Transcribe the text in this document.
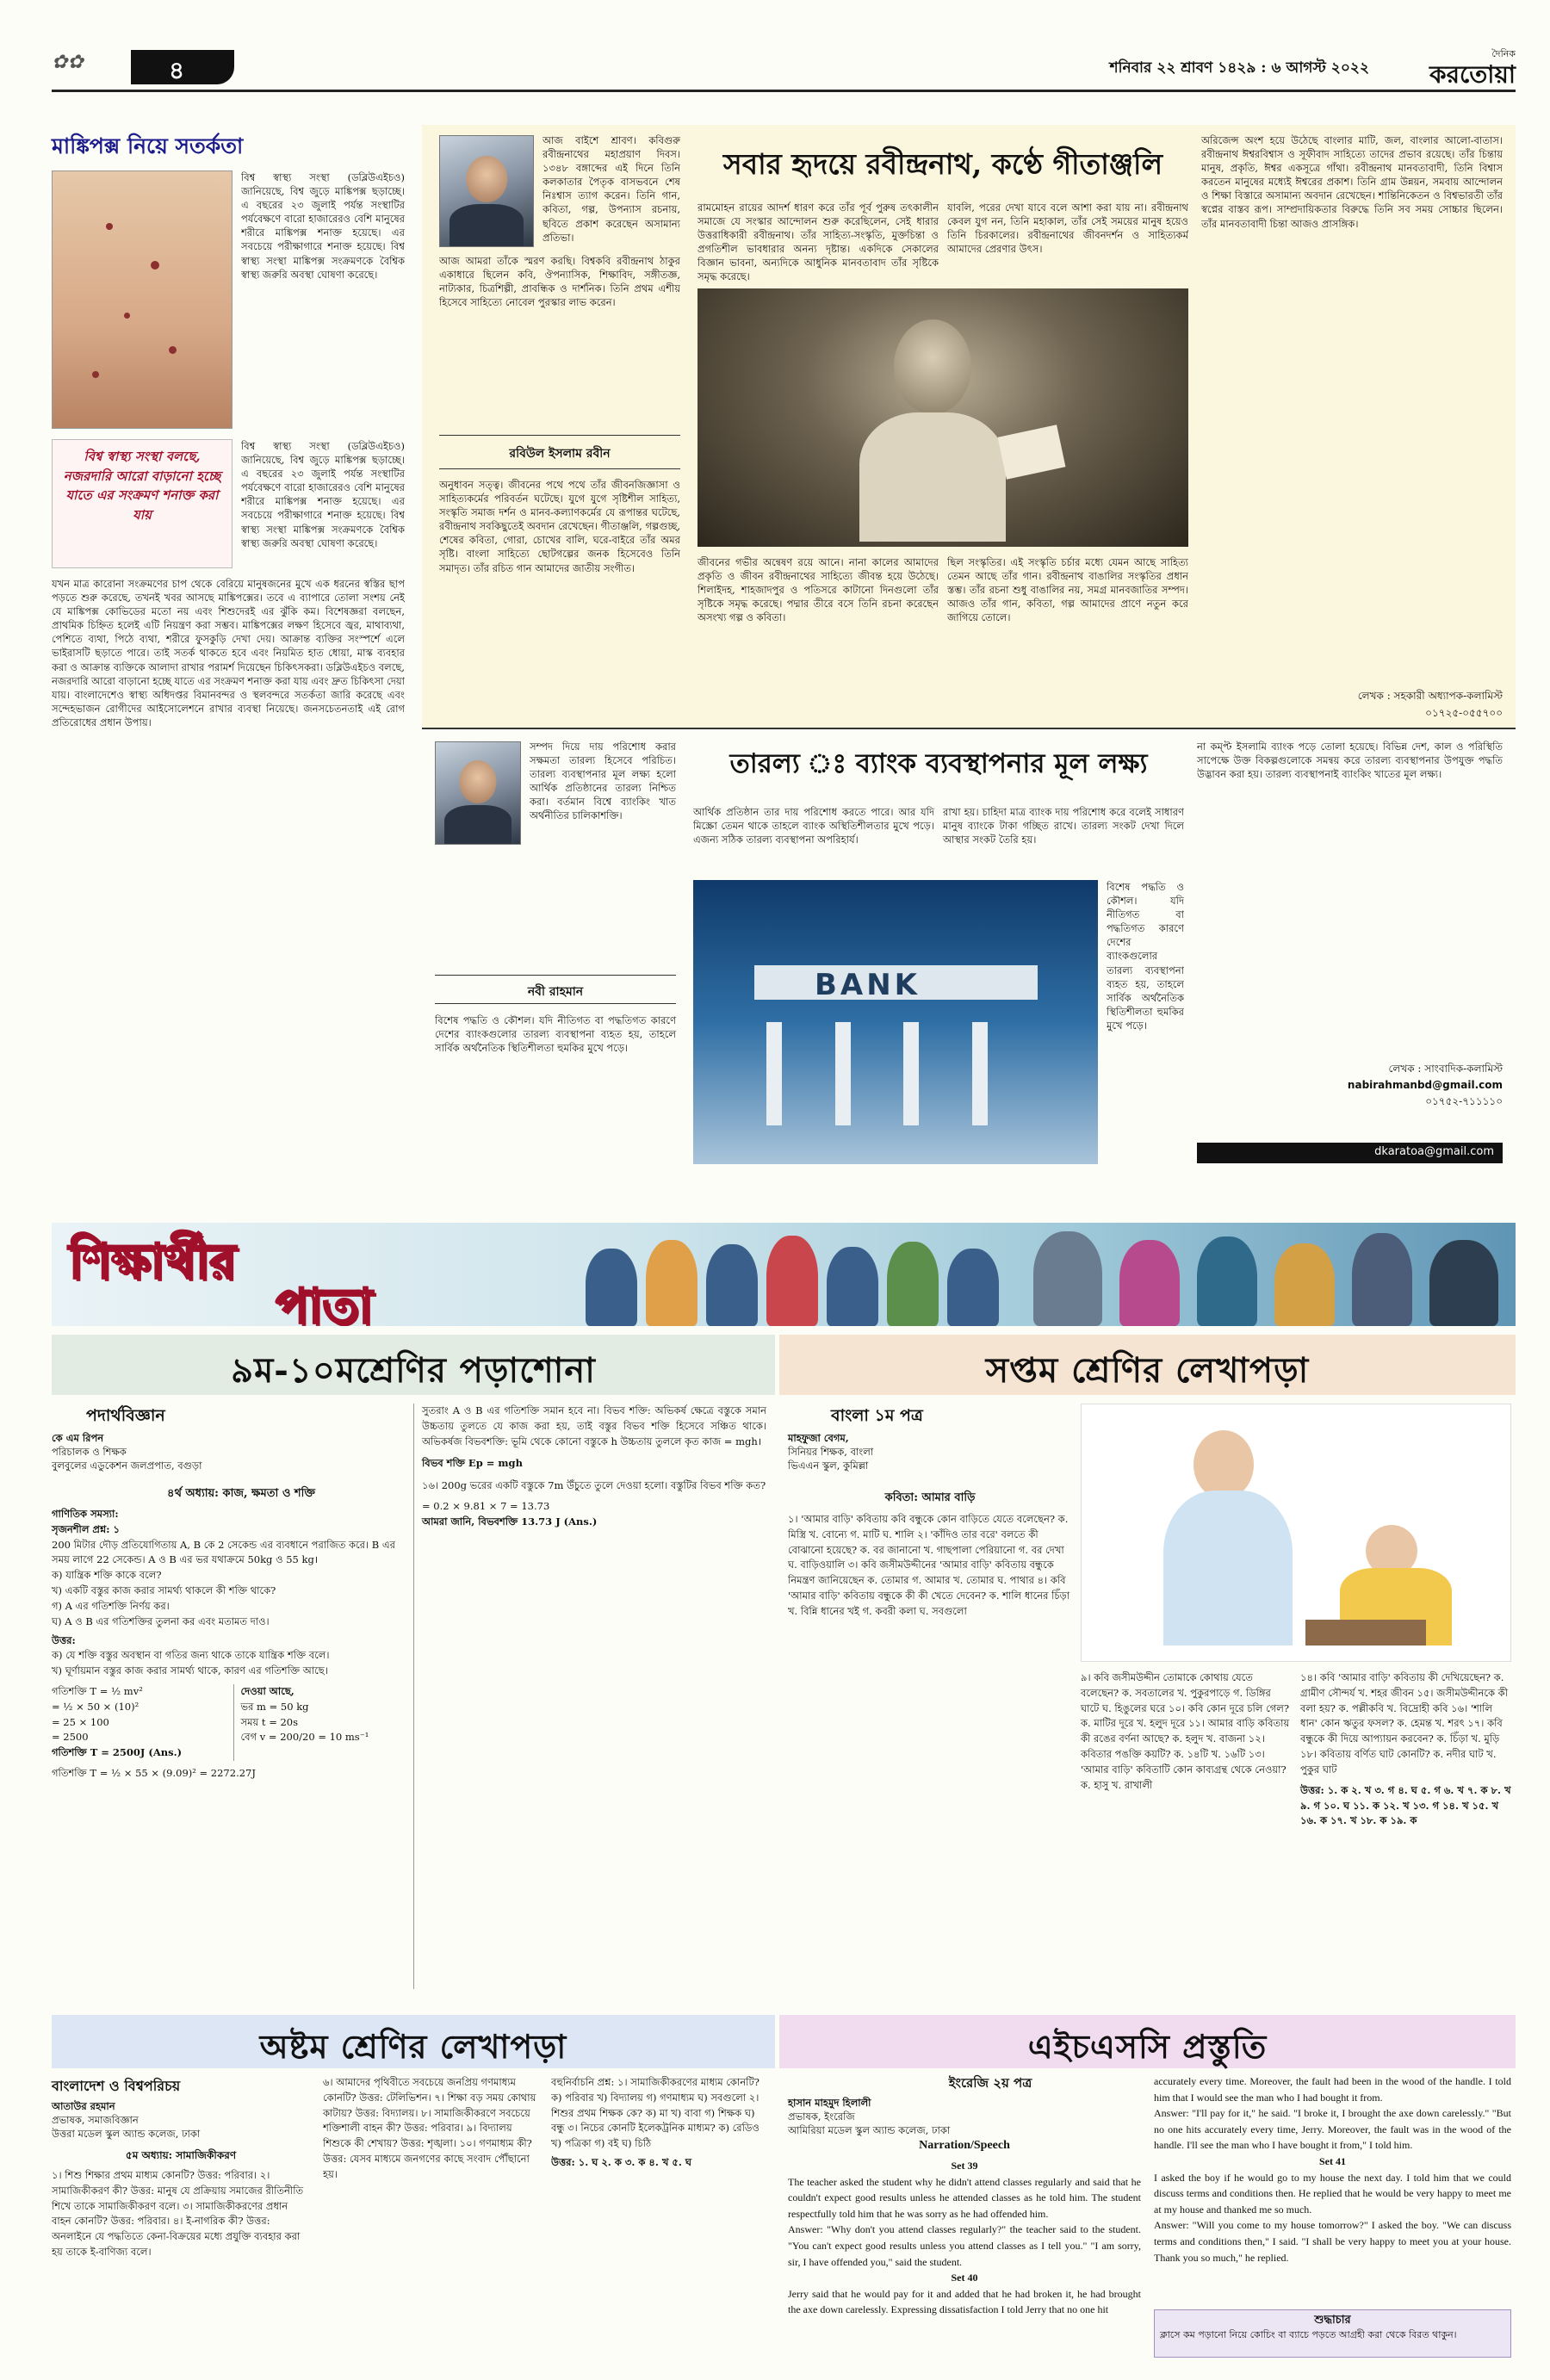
✿✿	৪	শনিবার ২২ শ্রাবণ ১৪২৯ : ৬ আগস্ট ২০২২
দৈনিক
করতোয়া
মাঙ্কিপক্স নিয়ে সতর্কতা
বিশ্ব স্বাস্থ্য সংস্থা (ডব্লিউএইচও) জানিয়েছে, বিশ্ব জুড়ে মাঙ্কিপক্স ছড়াচ্ছে। এ বছরের ২৩ জুলাই পর্যন্ত সংস্থাটির পর্যবেক্ষণে বারো হাজারেরও বেশি মানুষের শরীরে মাঙ্কিপক্স শনাক্ত হয়েছে। এর সবচেয়ে পরীক্ষাগারে শনাক্ত হয়েছে। বিশ্ব স্বাস্থ্য সংস্থা মাঙ্কিপক্স সংক্রমণকে বৈশ্বিক স্বাস্থ্য জরুরি অবস্থা ঘোষণা করেছে।
বিশ্ব স্বাস্থ্য সংস্থা বলছে, নজরদারি আরো বাড়ানো হচ্ছে যাতে এর সংক্রমণ শনাক্ত করা যায়
বিশ্ব স্বাস্থ্য সংস্থা (ডব্লিউএইচও) জানিয়েছে, বিশ্ব জুড়ে মাঙ্কিপক্স ছড়াচ্ছে। এ বছরের ২৩ জুলাই পর্যন্ত সংস্থাটির পর্যবেক্ষণে বারো হাজারেরও বেশি মানুষের শরীরে মাঙ্কিপক্স শনাক্ত হয়েছে। এর সবচেয়ে পরীক্ষাগারে শনাক্ত হয়েছে। বিশ্ব স্বাস্থ্য সংস্থা মাঙ্কিপক্স সংক্রমণকে বৈশ্বিক স্বাস্থ্য জরুরি অবস্থা ঘোষণা করেছে।
যখন মাত্র কারোনা সংক্রমণের চাপ থেকে বেরিয়ে মানুষজনের মুখে এক ধরনের স্বস্তির ছাপ পড়তে শুরু করেছে, তখনই খবর আসছে মাঙ্কিপক্সের। তবে এ ব্যাপারে তোলা সংশয় নেই যে মাঙ্কিপক্স কোভিডের মতো নয় এবং শিশুদেরই এর ঝুঁকি কম। বিশেষজ্ঞরা বলছেন, প্রাথমিক চিহ্নিত হলেই এটি নিয়ন্ত্রণ করা সম্ভব। মাঙ্কিপক্সের লক্ষণ হিসেবে জ্বর, মাথাব্যথা, পেশিতে ব্যথা, পিঠে ব্যথা, শরীরে ফুসকুড়ি দেখা দেয়। আক্রান্ত ব্যক্তির সংস্পর্শে এলে ভাইরাসটি ছড়াতে পারে। তাই সতর্ক থাকতে হবে এবং নিয়মিত হাত ধোয়া, মাস্ক ব্যবহার করা ও আক্রান্ত ব্যক্তিকে আলাদা রাখার পরামর্শ দিয়েছেন চিকিৎসকরা। ডব্লিউএইচও বলছে, নজরদারি আরো বাড়ানো হচ্ছে যাতে এর সংক্রমণ শনাক্ত করা যায় এবং দ্রুত চিকিৎসা দেয়া যায়। বাংলাদেশেও স্বাস্থ্য অধিদপ্তর বিমানবন্দর ও স্থলবন্দরে সতর্কতা জারি করেছে এবং সন্দেহভাজন রোগীদের আইসোলেশনে রাখার ব্যবস্থা নিয়েছে। জনসচেতনতাই এই রোগ প্রতিরোধের প্রধান উপায়।
আজ বাইশে শ্রাবণ। কবিগুরু রবীন্দ্রনাথের মহাপ্রয়াণ দিবস। ১৩৪৮ বঙ্গাব্দের এই দিনে তিনি কলকাতার পৈতৃক বাসভবনে শেষ নিঃশ্বাস ত্যাগ করেন। তিনি গান, কবিতা, গল্প, উপন্যাস রচনায়, ছবিতে প্রকাশ করেছেন অসামান্য প্রতিভা।
আজ আমরা তাঁকে স্মরণ করছি। বিশ্বকবি রবীন্দ্রনাথ ঠাকুর একাধারে ছিলেন কবি, ঔপন্যাসিক, শিক্ষাবিদ, সঙ্গীতজ্ঞ, নাট্যকার, চিত্রশিল্পী, প্রাবন্ধিক ও দার্শনিক। তিনি প্রথম এশীয় হিসেবে সাহিত্যে নোবেল পুরস্কার লাভ করেন।
রবিউল ইসলাম রবীন
অনুধাবন সত্ত্ব। জীবনের পথে পথে তাঁর জীবনজিজ্ঞাসা ও সাহিত্যকর্মের পরিবর্তন ঘটেছে। যুগে যুগে সৃষ্টিশীল সাহিত্য, সংস্কৃতি সমাজ দর্শন ও মানব-কল্যাণকর্মের যে রূপান্তর ঘটেছে, রবীন্দ্রনাথ সবকিছুতেই অবদান রেখেছেন। গীতাঞ্জলি, গল্পগুচ্ছ, শেষের কবিতা, গোরা, চোখের বালি, ঘরে-বাইরে তাঁর অমর সৃষ্টি। বাংলা সাহিত্যে ছোটগল্পের জনক হিসেবেও তিনি সমাদৃত। তাঁর রচিত গান আমাদের জাতীয় সংগীত।
সবার হৃদয়ে রবীন্দ্রনাথ, কণ্ঠে গীতাঞ্জলি
রামমোহন রায়ের আদর্শ ধারণ করে তাঁর পূর্ব পুরুষ তৎকালীন সমাজে যে সংস্কার আন্দোলন শুরু করেছিলেন, সেই ধারার উত্তরাধিকারী রবীন্দ্রনাথ। তাঁর সাহিত্য-সংস্কৃতি, মুক্তচিন্তা ও প্রগতিশীল ভাবধারার অনন্য দৃষ্টান্ত। একদিকে সেকালের বিজ্ঞান ভাবনা, অন্যদিকে আধুনিক মানবতাবাদ তাঁর সৃষ্টিকে সমৃদ্ধ করেছে।
যাবলি, পরের দেখা যাবে বলে আশা করা যায় না। রবীন্দ্রনাথ কেবল যুগ নন, তিনি মহাকাল, তাঁর সেই সময়ের মানুষ হয়েও তিনি চিরকালের। রবীন্দ্রনাথের জীবনদর্শন ও সাহিত্যকর্ম আমাদের প্রেরণার উৎস।
জীবনের গভীর অন্বেষণ রয়ে আনে। নানা কালের আমাদের প্রকৃতি ও জীবন রবীন্দ্রনাথের সাহিত্যে জীবন্ত হয়ে উঠেছে। শিলাইদহ, শাহজাদপুর ও পতিসরে কাটানো দিনগুলো তাঁর সৃষ্টিকে সমৃদ্ধ করেছে। পদ্মার তীরে বসে তিনি রচনা করেছেন অসংখ্য গল্প ও কবিতা।
ছিল সংস্কৃতির। এই সংস্কৃতি চর্চার মধ্যে যেমন আছে সাহিত্য তেমন আছে তাঁর গান। রবীন্দ্রনাথ বাঙালির সংস্কৃতির প্রধান স্তম্ভ। তাঁর রচনা শুধু বাঙালির নয়, সমগ্র মানবজাতির সম্পদ। আজও তাঁর গান, কবিতা, গল্প আমাদের প্রাণে নতুন করে জাগিয়ে তোলে।
অরিজেন্স অংশ হয়ে উঠেছে বাংলার মাটি, জল, বাংলার আলো-বাতাস। রবীন্দ্রনাথ ঈশ্বরবিশ্বাস ও সূফীবাদ সাহিত্যে তাদের প্রভাব রয়েছে। তাঁর চিন্তায় মানুষ, প্রকৃতি, ঈশ্বর একসূত্রে গাঁথা। রবীন্দ্রনাথ মানবতাবাদী, তিনি বিশ্বাস করতেন মানুষের মধ্যেই ঈশ্বরের প্রকাশ। তিনি গ্রাম উন্নয়ন, সমবায় আন্দোলন ও শিক্ষা বিস্তারে অসামান্য অবদান রেখেছেন। শান্তিনিকেতন ও বিশ্বভারতী তাঁর স্বপ্নের বাস্তব রূপ। সাম্প্রদায়িকতার বিরুদ্ধে তিনি সব সময় সোচ্চার ছিলেন। তাঁর মানবতাবাদী চিন্তা আজও প্রাসঙ্গিক।
লেখক : সহকারী অধ্যাপক-কলামিস্ট
০১৭২৫-০৫৫৭০০
সম্পদ দিয়ে দায় পরিশোধ করার সক্ষমতা তারল্য হিসেবে পরিচিত। তারল্য ব্যবস্থাপনার মূল লক্ষ্য হলো আর্থিক প্রতিষ্ঠানের তারল্য নিশ্চিত করা। বর্তমান বিশ্বে ব্যাংকিং খাত অর্থনীতির চালিকাশক্তি।
নবী রাহমান
বিশেষ পদ্ধতি ও কৌশল। যদি নীতিগত বা পদ্ধতিগত কারণে দেশের ব্যাংকগুলোর তারল্য ব্যবস্থাপনা ব্যহত হয়, তাহলে সার্বিক অর্থনৈতিক স্থিতিশীলতা হুমকির মুখে পড়ে।
তারল্য ঃ ব্যাংক ব্যবস্থাপনার মূল লক্ষ্য
আর্থিক প্রতিষ্ঠান তার দায় পরিশোধ করতে পারে। আর যদি মিস্ক্রো তেমন থাকে তাহলে ব্যাংক অস্থিতিশীলতার মুখে পড়ে। এজন্য সঠিক তারল্য ব্যবস্থাপনা অপরিহার্য।
রাখা হয়। চাহিদা মাত্র ব্যাংক দায় পরিশোধ করে বলেই সাধারণ মানুষ ব্যাংকে টাকা গচ্ছিত রাখে। তারল্য সংকট দেখা দিলে আস্থার সংকট তৈরি হয়।
BANK
বিশেষ পদ্ধতি ও কৌশল। যদি নীতিগত বা পদ্ধতিগত কারণে দেশের ব্যাংকগুলোর তারল্য ব্যবস্থাপনা ব্যহত হয়, তাহলে সার্বিক অর্থনৈতিক স্থিতিশীলতা হুমকির মুখে পড়ে।
না কম্প্ট ইসলামি ব্যাংক পড়ে তোলা হয়েছে। বিভিন্ন দেশ, কাল ও পরিস্থিতি সাপেক্ষে উক্ত বিকল্পগুলোকে সমন্বয় করে তারল্য ব্যবস্থাপনার উপযুক্ত পদ্ধতি উদ্ভাবন করা হয়। তারল্য ব্যবস্থাপনাই ব্যাংকিং খাতের মূল লক্ষ্য।
লেখক : সাংবাদিক-কলামিস্ট
nabirahmanbd@gmail.com
০১৭৫২-৭১১১১০
dkaratoa@gmail.com
শিক্ষার্থীর
পাতা
৯ম-১০মশ্রেণির পড়াশোনা
পদার্থবিজ্ঞান
কে এম রিপন
পরিচালক ও শিক্ষক
বুলবুলের এডুকেশন জলপ্রপাত, বগুড়া
৪র্থ অধ্যায়: কাজ, ক্ষমতা ও শক্তি
গাণিতিক সমস্যা:
সৃজনশীল প্রশ্ন: ১
200 মিটার দৌড় প্রতিযোগিতায় A, B কে 2 সেকেন্ড এর ব্যবধানে পরাজিত করে। B এর সময় লাগে 22 সেকেন্ড। A ও B এর ভর যথাক্রমে 50kg ও 55 kg।
ক) যান্ত্রিক শক্তি কাকে বলে?
খ) একটি বস্তুর কাজ করার সামর্থ্য থাকলে কী শক্তি থাকে?
গ) A এর গতিশক্তি নির্ণয় কর।
ঘ) A ও B এর গতিশক্তির তুলনা কর এবং মতামত দাও।
উত্তর:
ক) যে শক্তি বস্তুর অবস্থান বা গতির জন্য থাকে তাকে যান্ত্রিক শক্তি বলে।
খ) ঘূর্ণায়মান বস্তুর কাজ করার সামর্থ্য থাকে, কারণ এর গতিশক্তি আছে।
গতিশক্তি T = ½ mv²
= ½ × 50 × (10)²
= 25 × 100
= 2500
গতিশক্তি T = 2500J (Ans.)
দেওয়া আছে,
ভর m = 50 kg
সময় t = 20s
বেগ v = 200/20 = 10 ms⁻¹
গতিশক্তি T = ½ × 55 × (9.09)² = 2272.27J
সুতরাং A ও B এর গতিশক্তি সমান হবে না। বিভব শক্তি: অভিকর্ষ ক্ষেত্রে বস্তুকে সমান উচ্চতায় তুলতে যে কাজ করা হয়, তাই বস্তুর বিভব শক্তি হিসেবে সঞ্চিত থাকে। অভিকর্ষজ বিভবশক্তি: ভূমি থেকে কোনো বস্তুকে h উচ্চতায় তুললে কৃত কাজ = mgh।
বিভব শক্তি Ep = mgh
১৬। 200g ভরের একটি বস্তুকে 7m উঁচুতে তুলে দেওয়া হলো। বস্তুটির বিভব শক্তি কত?
= 0.2 × 9.81 × 7 = 13.73
আমরা জানি, বিভবশক্তি 13.73 J (Ans.)
সপ্তম শ্রেণির লেখাপড়া
বাংলা ১ম পত্র
মাহফুজা বেগম,
সিনিয়র শিক্ষক, বাংলা
ভিএএন স্কুল, কুমিল্লা
কবিতা: আমার বাড়ি
১। 'আমার বাড়ি' কবিতায় কবি বন্ধুকে কোন বাড়িতে যেতে বলেছেন? ক. মিস্ত্রি খ. বোন্যে গ. মাটি ঘ. শালি ২। 'কাঁদিও তার বরে' বলতে কী বোঝানো হয়েছে? ক. বর জানানো খ. গাছপালা পেরিয়ানো গ. বর দেখা ঘ. বাড়িওয়ালি ৩। কবি জসীমউদ্দীনের 'আমার বাড়ি' কবিতায় বন্ধুকে নিমন্ত্রণ জানিয়েছেন ক. তোমার গ. আমার খ. তোমার ঘ. পাথার ৪। কবি 'আমার বাড়ি' কবিতায় বন্ধুকে কী কী খেতে দেবেন? ক. শালি ধানের চিঁড়া খ. বিন্নি ধানের খই গ. কবরী কলা ঘ. সবগুলো
৯। কবি জসীমউদ্দীন তোমাকে কোথায় যেতে বলেছেন? ক. সবতালের খ. পুকুরপাড়ে গ. ডিঙ্গির ঘাটে ঘ. হিঙুলের ঘরে ১০। কবি কোন দূরে চলি গেল? ক. মাটির দূরে খ. হলুদ দূরে ১১। আমার বাড়ি কবিতায় কী রঙের বর্ণনা আছে? ক. হলুদ খ. বাজনা ১২। কবিতার পঙক্তি কয়টি? ক. ১৪টি খ. ১৬টি ১৩। 'আমার বাড়ি' কবিতাটি কোন কাব্যগ্রন্থ থেকে নেওয়া? ক. হাসু খ. রাখালী
১৪। কবি 'আমার বাড়ি' কবিতায় কী দেখিয়েছেন? ক. গ্রামীণ সৌন্দর্য খ. শহর জীবন ১৫। জসীমউদ্দীনকে কী বলা হয়? ক. পল্লীকবি খ. বিদ্রোহী কবি ১৬। 'শালি ধান' কোন ঋতুর ফসল? ক. হেমন্ত খ. শরৎ ১৭। কবি বন্ধুকে কী দিয়ে আপ্যায়ন করবেন? ক. চিঁড়া খ. মুড়ি ১৮। কবিতায় বর্ণিত ঘাট কোনটি? ক. নদীর ঘাট খ. পুকুর ঘাট
উত্তর: ১. ক ২. খ ৩. গ ৪. ঘ ৫. গ ৬. খ ৭. ক ৮. খ ৯. গ ১০. ঘ ১১. ক ১২. খ ১৩. গ ১৪. খ ১৫. খ ১৬. ক ১৭. খ ১৮. ক ১৯. ক
অষ্টম শ্রেণির লেখাপড়া
বাংলাদেশ ও বিশ্বপরিচয়
আতাউর রহমান
প্রভাষক, সমাজবিজ্ঞান
উত্তরা মডেল স্কুল অ্যান্ড কলেজ, ঢাকা
৫ম অধ্যায়: সামাজিকীকরণ
১। শিশু শিক্ষার প্রথম মাধ্যম কোনটি? উত্তর: পরিবার। ২। সামাজিকীকরণ কী? উত্তর: মানুষ যে প্রক্রিয়ায় সমাজের রীতিনীতি শিখে তাকে সামাজিকীকরণ বলে। ৩। সামাজিকীকরণের প্রধান বাহন কোনটি? উত্তর: পরিবার। ৪। ই-নাগরিক কী? উত্তর: অনলাইনে যে পদ্ধতিতে কেনা-বিক্রয়ের মধ্যে প্রযুক্তি ব্যবহার করা হয় তাকে ই-বাণিজ্য বলে।
৬। আমাদের পৃথিবীতে সবচেয়ে জনপ্রিয় গণমাধ্যম কোনটি? উত্তর: টেলিভিশন। ৭। শিক্ষা বড় সময় কোথায় কাটায়? উত্তর: বিদ্যালয়। ৮। সামাজিকীকরণে সবচেয়ে শক্তিশালী বাহন কী? উত্তর: পরিবার। ৯। বিদ্যালয় শিশুকে কী শেখায়? উত্তর: শৃঙ্খলা। ১০। গণমাধ্যম কী? উত্তর: যেসব মাধ্যমে জনগণের কাছে সংবাদ পৌঁছানো হয়।
বহুনির্বাচনি প্রশ্ন: ১। সামাজিকীকরণের মাধ্যম কোনটি? ক) পরিবার খ) বিদ্যালয় গ) গণমাধ্যম ঘ) সবগুলো ২। শিশুর প্রথম শিক্ষক কে? ক) মা খ) বাবা গ) শিক্ষক ঘ) বন্ধু ৩। নিচের কোনটি ইলেকট্রনিক মাধ্যম? ক) রেডিও খ) পত্রিকা গ) বই ঘ) চিঠি
উত্তর: ১. ঘ ২. ক ৩. ক ৪. খ ৫. ঘ
এইচএসসি প্রস্তুতি
ইংরেজি ২য় পত্র
হাসান মাহমুদ হিলালী
প্রভাষক, ইংরেজি
আমিরিয়া মডেল স্কুল অ্যান্ড কলেজ, ঢাকা
Narration/Speech
Set 39
The teacher asked the student why he didn't attend classes regularly and said that he couldn't expect good results unless he attended classes as he told him. The student respectfully told him that he was sorry as he had offended him.
Answer: "Why don't you attend classes regularly?" the teacher said to the student. "You can't expect good results unless you attend classes as I tell you." "I am sorry, sir, I have offended you," said the student.
Set 40
Jerry said that he would pay for it and added that he had broken it, he had brought the axe down carelessly. Expressing dissatisfaction I told Jerry that no one hit
accurately every time. Moreover, the fault had been in the wood of the handle. I told him that I would see the man who I had bought it from.
Answer: "I'll pay for it," he said. "I broke it, I brought the axe down carelessly." "But no one hits accurately every time, Jerry. Moreover, the fault was in the wood of the handle. I'll see the man who I have bought it from," I told him.
Set 41
I asked the boy if he would go to my house the next day. I told him that we could discuss terms and conditions then. He replied that he would be very happy to meet me at my house and thanked me so much.
Answer: "Will you come to my house tomorrow?" I asked the boy. "We can discuss terms and conditions then," I said. "I shall be very happy to meet you at your house. Thank you so much," he replied.
শুদ্ধাচার
ক্লাসে কম পড়ানো নিয়ে কোচিং বা ব্যাচে পড়তে আগ্রহী করা থেকে বিরত থাকুন।
